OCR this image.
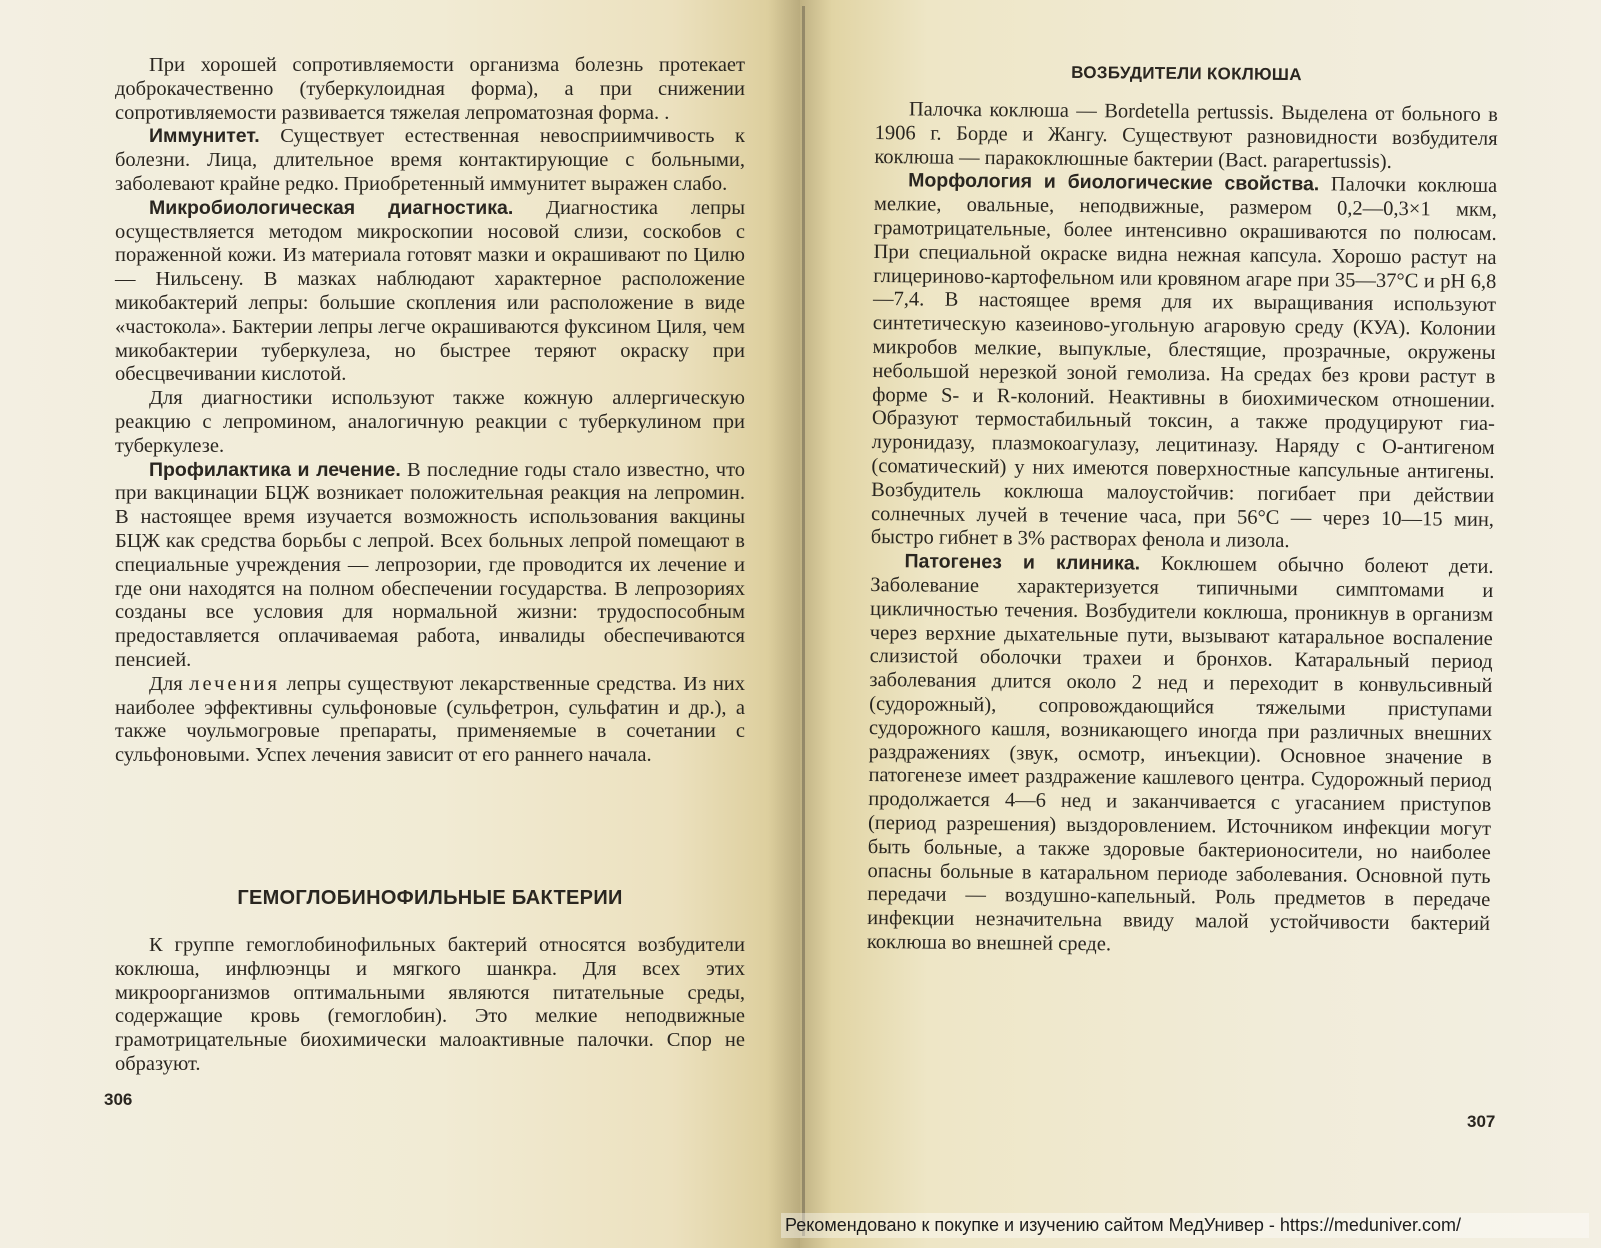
При хорошей сопротивляемости организма болезнь протекает доброкачественно (туберкулоидная форма), а при снижении сопротивляемости развивается тяжелая лепроматозная форма. .

Иммунитет. Существует естественная невосприимчивость к болезни. Лица, длительное время контактирующие с больными, заболевают крайне редко. Приобретенный иммунитет выражен слабо.

Микробиологическая диагностика. Диагностика лепры осуществляется методом микроскопии носовой слизи, соскобов с пораженной кожи. Из материала готовят мазки и окрашивают по Цилю — Нильсену. В мазках наблюдают характерное расположение микобактерий лепры: большие скопления или расположение в виде «частокола». Бактерии лепры легче окрашиваются фуксином Циля, чем микобактерии туберкулеза, но быстрее теряют окраску при обесцвечивании кислотой.

Для диагностики используют также кожную аллергическую реакцию с лепромином, аналогичную реакции с туберкулином при туберкулезе.

Профилактика и лечение. В последние годы стало известно, что при вакцинации БЦЖ возникает положительная реакция на лепромин. В настоящее время изучается возможность использования вакцины БЦЖ как средства борьбы с лепрой. Всех больных лепрой помещают в специальные учреждения — лепрозории, где проводится их лечение и где они находятся на полном обеспечении государства. В лепрозориях созданы все условия для нормальной жизни: трудоспособным предоставляется оплачиваемая работа, инвалиды обеспечиваются пенсией.

Для лечения лепры существуют лекарственные средства. Из них наиболее эффективны сульфоновые (сульфетрон, сульфатин и др.), а также чоульмогровые препараты, применяемые в сочетании с сульфоновыми. Успех лечения зависит от его раннего начала.

ГЕМОГЛОБИНОФИЛЬНЫЕ БАКТЕРИИ

К группе гемоглобинофильных бактерий относятся возбудители коклюша, инфлюэнцы и мягкого шанкра. Для всех этих микроорганизмов оптимальными являются питательные среды, содержащие кровь (гемоглобин). Это мелкие неподвижные грамотрицательные биохимически малоактивные палочки. Спор не образуют.

306
ВОЗБУДИТЕЛИ КОКЛЮША

Палочка коклюша — Bordetella pertussis. Выделена от больного в 1906 г. Борде и Жангу. Существуют разновидности возбудителя коклюша — паракоклюшные бактерии (Bact. parapertussis).

Морфология и биологические свойства. Палочки коклюша мелкие, овальные, неподвижные, размером 0,2—0,3×1 мкм, грамотрицательные, более интенсивно окрашиваются по полюсам. При специальной окраске видна нежная капсула. Хорошо растут на глицериново-картофельном или кровяном агаре при 35—37°С и рН 6,8—7,4. В настоящее время для их выращивания используют синтетическую казеиново-угольную агаровую среду (КУА). Колонии микробов мелкие, выпуклые, блестящие, прозрачные, окружены небольшой нерезкой зоной гемолиза. На средах без крови растут в форме S- и R-колоний. Неактивны в биохимическом отношении. Образуют термостабильный токсин, а также продуцируют гиалуронидазу, плазмокоагулазу, лецитиназу. Наряду с О-антигеном (соматический) у них имеются поверхностные капсульные антигены. Возбудитель коклюша малоустойчив: погибает при действии солнечных лучей в течение часа, при 56°С — через 10—15 мин, быстро гибнет в 3% растворах фенола и лизола.

Патогенез и клиника. Коклюшем обычно болеют дети. Заболевание характеризуется типичными симптомами и цикличностью течения. Возбудители коклюша, проникнув в организм через верхние дыхательные пути, вызывают катаральное воспаление слизистой оболочки трахеи и бронхов. Катаральный период заболевания длится около 2 нед и переходит в конвульсивный (судорожный), сопровождающийся тяжелыми приступами судорожного кашля, возникающего иногда при различных внешних раздражениях (звук, осмотр, инъекции). Основное значение в патогенезе имеет раздражение кашлевого центра. Судорожный период продолжается 4—6 нед и заканчивается с угасанием приступов (период разрешения) выздоровлением. Источником инфекции могут быть больные, а также здоровые бактерионосители, но наиболее опасны больные в катаральном периоде заболевания. Основной путь передачи — воздушно-капельный. Роль предметов в передаче инфекции незначительна ввиду малой устойчивости бактерий коклюша во внешней среде.

307
Рекомендовано к покупке и изучению сайтом МедУнивер - https://meduniver.com/
